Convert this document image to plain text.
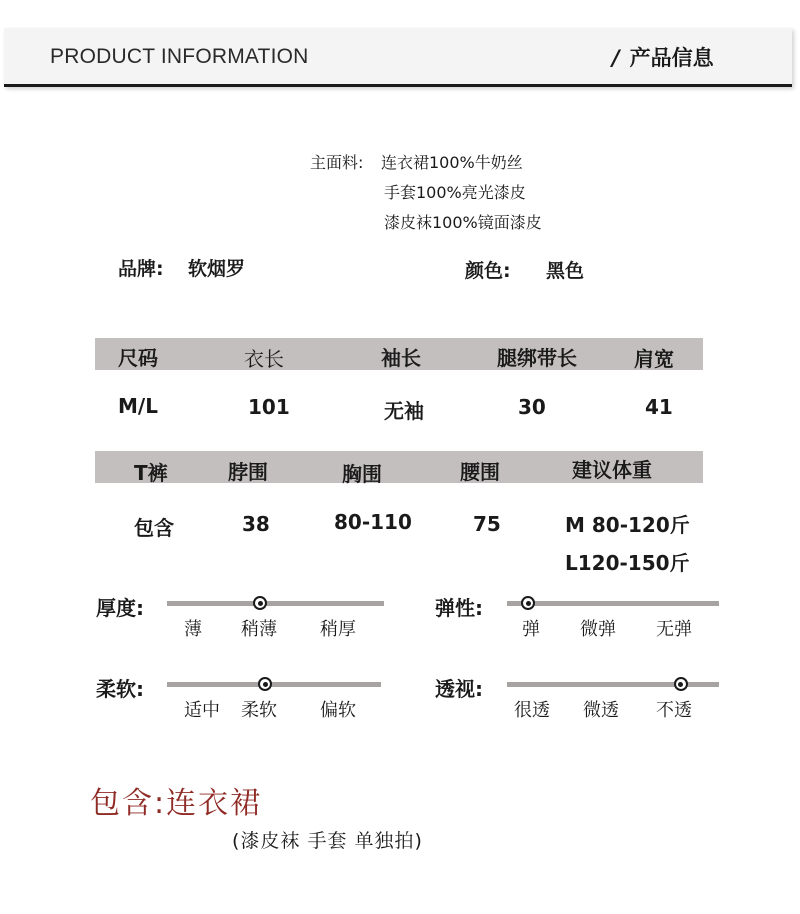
PRODUCT INFORMATION	/ 产品信息
主面料: 连衣裙100%牛奶丝
手套100%亮光漆皮
漆皮袜100%镜面漆皮
品牌: 软烟罗	颜色: 黑色
尺码	衣长	袖长	腿绑带长	肩宽
M/L	101	无袖	30	41
T裤	脖围	胸围	腰围	建议体重
包含	38	80-110	75	M 80-120斤
L120-150斤
厚度:
薄 稍薄 稍厚
弹性:
弹 微弹 无弹
柔软:
适中 柔软 偏软
透视:
很透 微透 不透
包含:连衣裙
(漆皮袜 手套 单独拍)
